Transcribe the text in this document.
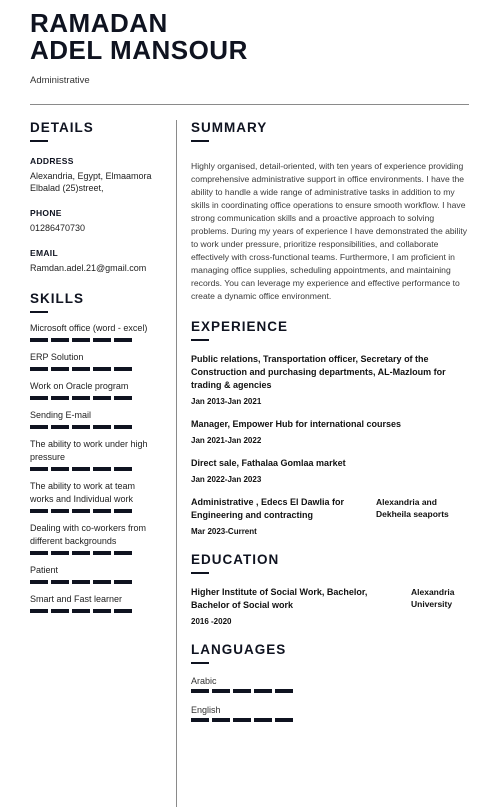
RAMADAN
ADEL MANSOUR
Administrative
DETAILS
ADDRESS
Alexandria, Egypt, Elmaamora Elbalad (25)street,
PHONE
01286470730
EMAIL
Ramdan.adel.21@gmail.com
SKILLS
Microsoft office (word - excel)
ERP Solution
Work on Oracle program
Sending E-mail
The ability to work under high pressure
The ability to work at team works and Individual work
Dealing with co-workers from different backgrounds
Patient
Smart and Fast learner
SUMMARY
Highly organised, detail-oriented, with ten years of experience providing comprehensive administrative support in office environments. I have the ability to handle a wide range of administrative tasks in addition to my skills in coordinating office operations to ensure smooth workflow. I have strong communication skills and a proactive approach to solving problems. During my years of experience I have demonstrated the ability to work under pressure, prioritize responsibilities, and collaborate effectively with cross-functional teams. Furthermore, I am proficient in managing office supplies, scheduling appointments, and maintaining records. You can leverage my experience and effective performance to create a dynamic office environment.
EXPERIENCE
Public relations, Transportation officer, Secretary of the Construction and purchasing departments, AL-Mazloum for trading & agencies
Jan 2013-Jan 2021
Manager, Empower Hub for international courses
Jan 2021-Jan 2022
Direct sale, Fathalaa Gomlaa market
Jan 2022-Jan 2023
Administrative , Edecs El Dawlia for Engineering and contracting
Alexandria and Dekheila seaports
Mar 2023-Current
EDUCATION
Higher Institute of Social Work, Bachelor, Bachelor of Social work
Alexandria University
2016 -2020
LANGUAGES
Arabic
English
